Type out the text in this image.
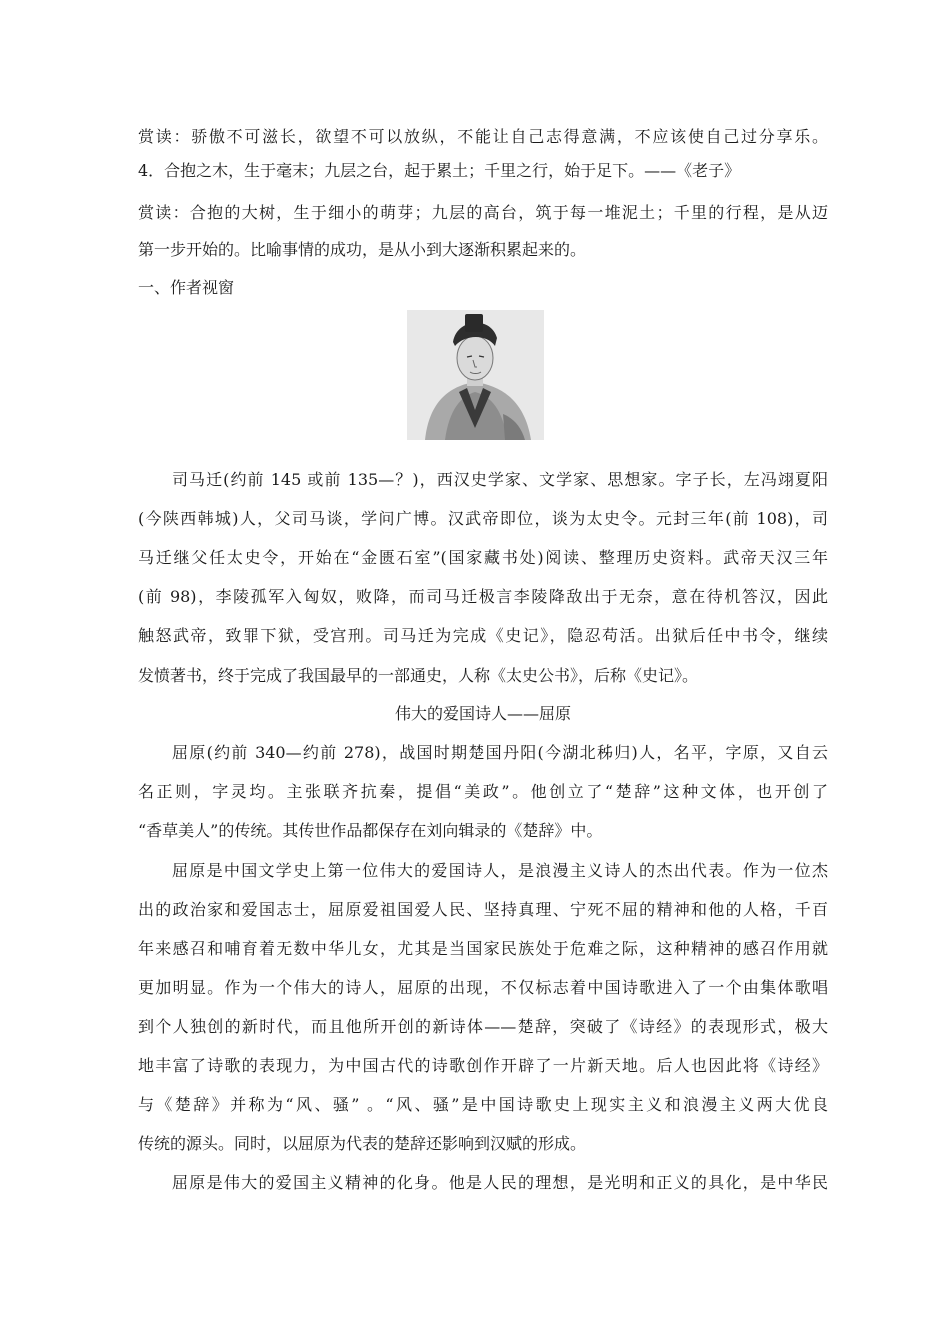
赏读：骄傲不可滋长，欲望不可以放纵，不能让自己志得意满，不应该使自己过分享乐。
4．合抱之木，生于毫末；九层之台，起于累土；千里之行，始于足下。——《老子》
赏读：合抱的大树，生于细小的萌芽；九层的高台，筑于每一堆泥土；千里的行程，是从迈
第一步开始的。比喻事情的成功，是从小到大逐渐积累起来的。
一、作者视窗
司马迁(约前 145 或前 135—？)，西汉史学家、文学家、思想家。字子长，左冯翊夏阳
(今陕西韩城)人，父司马谈，学问广博。汉武帝即位，谈为太史令。元封三年(前 108)，司
马迁继父任太史令，开始在“金匮石室”(国家藏书处)阅读、整理历史资料。武帝天汉三年
(前 98)，李陵孤军入匈奴，败降，而司马迁极言李陵降敌出于无奈，意在待机答汉，因此
触怒武帝，致罪下狱，受宫刑。司马迁为完成《史记》，隐忍苟活。出狱后任中书令，继续
发愤著书，终于完成了我国最早的一部通史，人称《太史公书》，后称《史记》。
伟大的爱国诗人——屈原
屈原(约前 340—约前 278)，战国时期楚国丹阳(今湖北秭归)人，名平，字原，又自云
名正则，字灵均。主张联齐抗秦，提倡“美政”。他创立了“楚辞”这种文体，也开创了
“香草美人”的传统。其传世作品都保存在刘向辑录的《楚辞》中。
屈原是中国文学史上第一位伟大的爱国诗人，是浪漫主义诗人的杰出代表。作为一位杰
出的政治家和爱国志士，屈原爱祖国爱人民、坚持真理、宁死不屈的精神和他的人格，千百
年来感召和哺育着无数中华儿女，尤其是当国家民族处于危难之际，这种精神的感召作用就
更加明显。作为一个伟大的诗人，屈原的出现，不仅标志着中国诗歌进入了一个由集体歌唱
到个人独创的新时代，而且他所开创的新诗体——楚辞，突破了《诗经》的表现形式，极大
地丰富了诗歌的表现力，为中国古代的诗歌创作开辟了一片新天地。后人也因此将《诗经》
与《楚辞》并称为“风、骚” 。“风、骚”是中国诗歌史上现实主义和浪漫主义两大优良
传统的源头。同时，以屈原为代表的楚辞还影响到汉赋的形成。
屈原是伟大的爱国主义精神的化身。他是人民的理想，是光明和正义的具化，是中华民
